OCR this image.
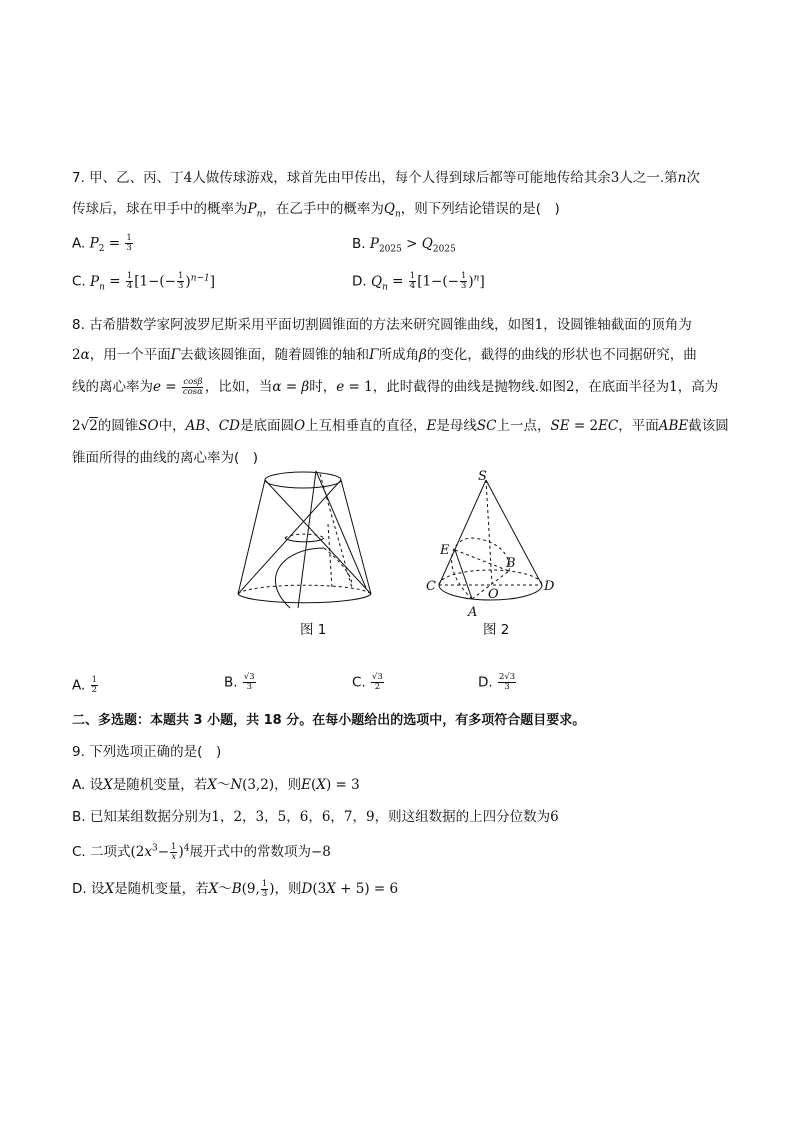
7. 甲、乙、丙、丁4人做传球游戏，球首先由甲传出，每个人得到球后都等可能地传给其余3人之一.第n次
传球后，球在甲手中的概率为$P_n$，在乙手中的概率为$Q_n$，则下列结论错误的是(　)
A. $P_2 = \frac{1}{3}$	B. $P_{2025} > Q_{2025}$
C. $P_n = \frac{1}{4} [1-(- \frac{1}{3} )^{n-1}]$	D. $Q_n = \frac{1}{4} [1-(- \frac{1}{3} )^n]$
8. 古希腊数学家阿波罗尼斯采用平面切割圆锥面的方法来研究圆锥曲线，如图1，设圆锥轴截面的顶角为
2α，用一个平面Γ去截该圆锥面，随着圆锥的轴和Γ所成角β的变化，截得的曲线的形状也不同据研究，曲
线的离心率为$e = \frac{\cos\beta}{\cos\alpha}$ ，比如，当α = β时，e = 1，此时截得的曲线是抛物线.如图2，在底面半径为1，高为
2√2的圆锥SO中，AB、CD是底面圆O上互相垂直的直径，E是母线SC上一点，SE = 2EC，平面ABE截该圆
锥面所得的曲线的离心率为(　)
图 1
S
E
B
C	D
O
A
图 2
A. $\frac{1}{2}$	B. $\frac{√3}{3}$	C. $\frac{√3}{2}$	D. $\frac{2√3}{3}$
二、多选题：本题共 3 小题，共 18 分。在每小题给出的选项中，有多项符合题目要求。
9. 下列选项正确的是(　)
A. 设X是随机变量，若X～N(3,2)，则E(X) = 3
B. 已知某组数据分别为1，2，3，5，6，6，7，9，则这组数据的上四分位数为6
C. 二项式$(2x^3- \frac{1}{x} )^4$展开式中的常数项为−8
D. 设X是随机变量，若X～B(9, $\frac{1}{3}$ )，则D(3X + 5) = 6
